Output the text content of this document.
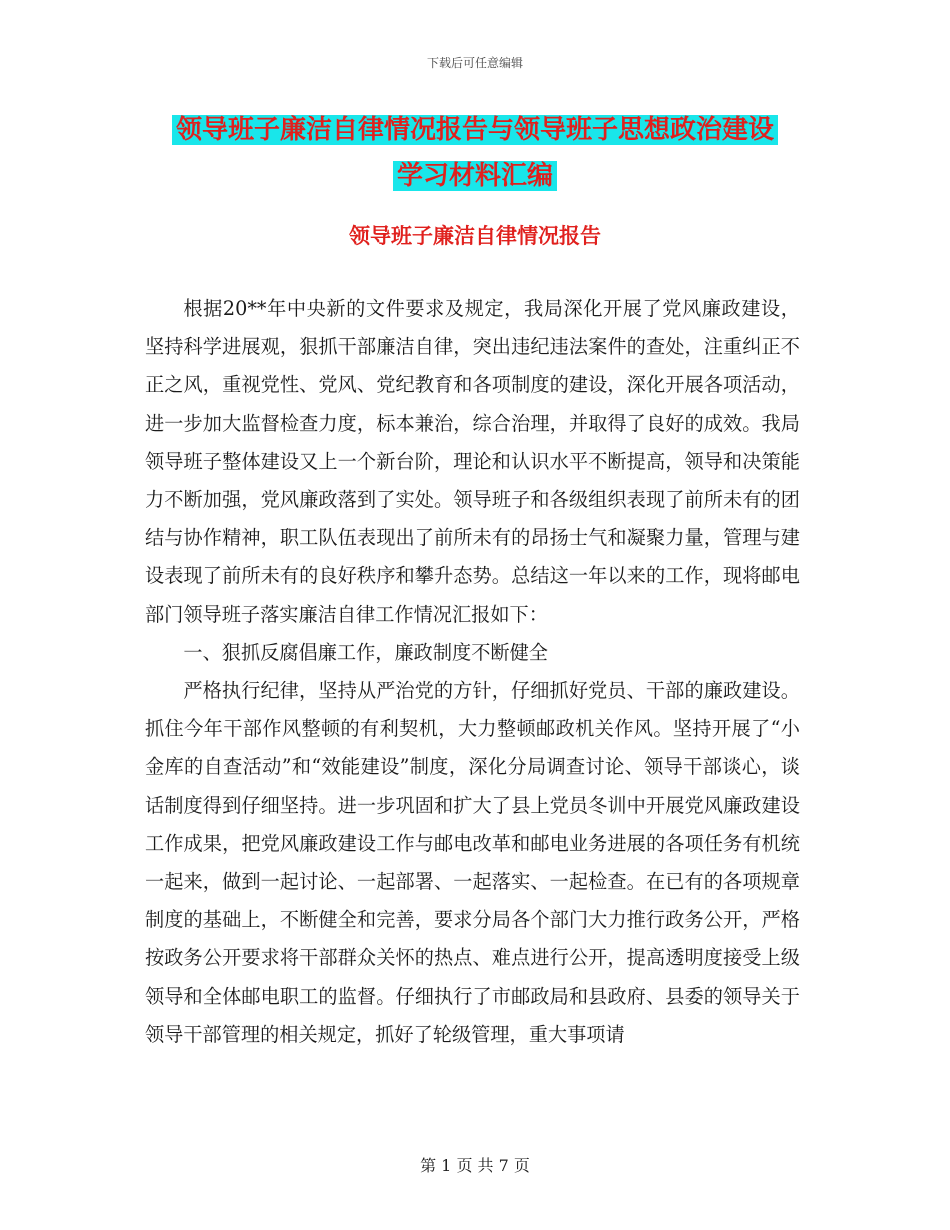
下载后可任意编辑
领导班子廉洁自律情况报告与领导班子思想政治建设
学习材料汇编
领导班子廉洁自律情况报告

根据20**年中央新的文件要求及规定，我局深化开展了党风廉政建设，坚持科学进展观，狠抓干部廉洁自律，突出违纪违法案件的查处，注重纠正不正之风，重视党性、党风、党纪教育和各项制度的建设，深化开展各项活动，进一步加大监督检查力度，标本兼治，综合治理，并取得了良好的成效。我局领导班子整体建设又上一个新台阶，理论和认识水平不断提高，领导和决策能力不断加强，党风廉政落到了实处。领导班子和各级组织表现了前所未有的团结与协作精神，职工队伍表现出了前所未有的昂扬士气和凝聚力量，管理与建设表现了前所未有的良好秩序和攀升态势。总结这一年以来的工作，现将邮电部门领导班子落实廉洁自律工作情况汇报如下：

一、狠抓反腐倡廉工作，廉政制度不断健全

严格执行纪律，坚持从严治党的方针，仔细抓好党员、干部的廉政建设。抓住今年干部作风整顿的有利契机，大力整顿邮政机关作风。坚持开展了“小金库的自查活动”和“效能建设”制度，深化分局调查讨论、领导干部谈心，谈话制度得到仔细坚持。进一步巩固和扩大了县上党员冬训中开展党风廉政建设工作成果，把党风廉政建设工作与邮电改革和邮电业务进展的各项任务有机统一起来，做到一起讨论、一起部署、一起落实、一起检查。在已有的各项规章制度的基础上，不断健全和完善，要求分局各个部门大力推行政务公开，严格按政务公开要求将干部群众关怀的热点、难点进行公开，提高透明度接受上级领导和全体邮电职工的监督。仔细执行了市邮政局和县政府、县委的领导关于领导干部管理的相关规定，抓好了轮级管理，重大事项请

第 1 页 共 7 页
